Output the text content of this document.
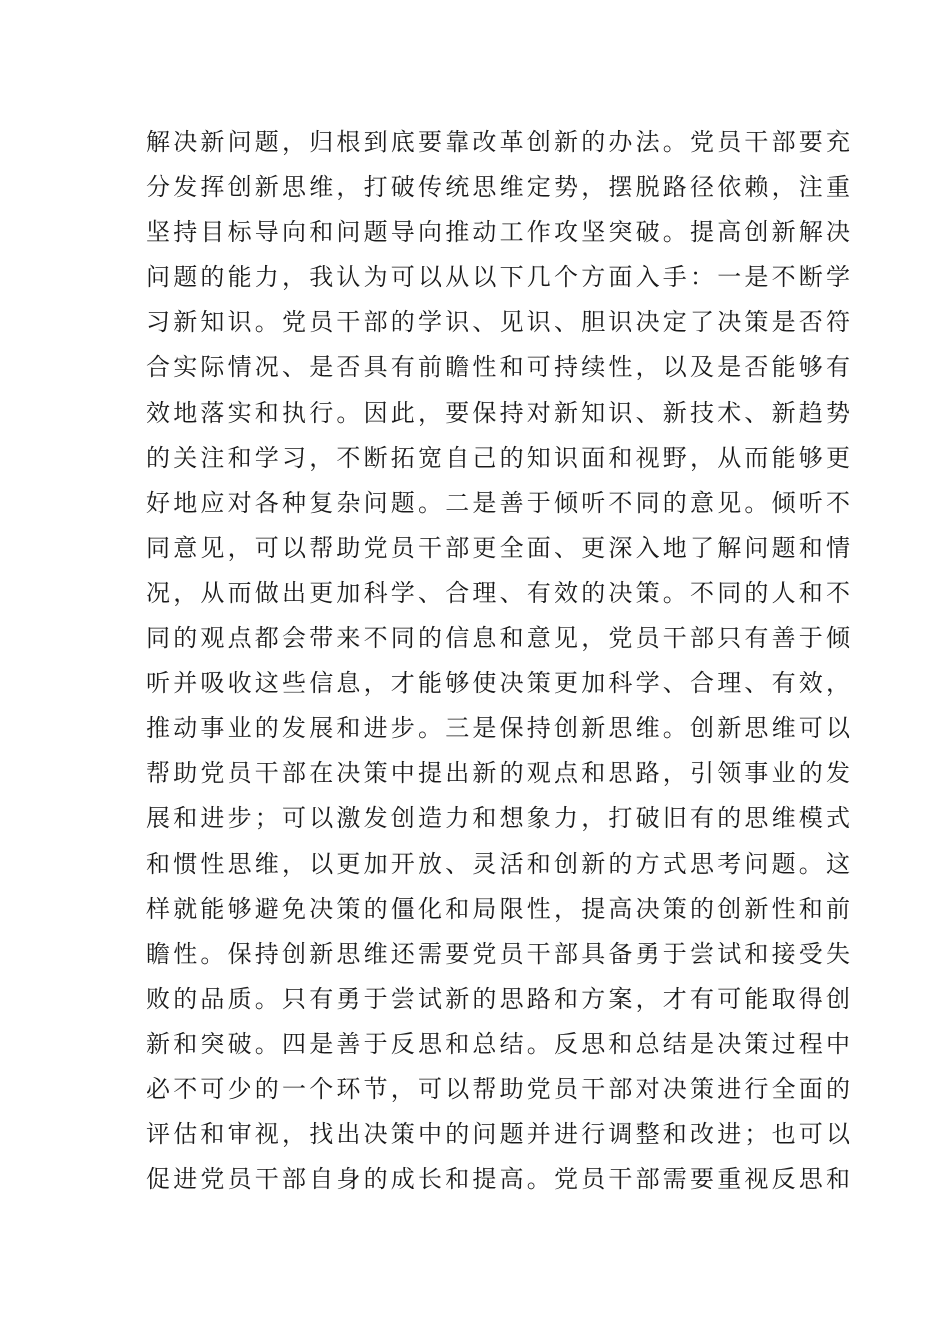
解决新问题，归根到底要靠改革创新的办法。党员干部要充
分发挥创新思维，打破传统思维定势，摆脱路径依赖，注重
坚持目标导向和问题导向推动工作攻坚突破。提高创新解决
问题的能力，我认为可以从以下几个方面入手：一是不断学
习新知识。党员干部的学识、见识、胆识决定了决策是否符
合实际情况、是否具有前瞻性和可持续性，以及是否能够有
效地落实和执行。因此，要保持对新知识、新技术、新趋势
的关注和学习，不断拓宽自己的知识面和视野，从而能够更
好地应对各种复杂问题。二是善于倾听不同的意见。倾听不
同意见，可以帮助党员干部更全面、更深入地了解问题和情
况，从而做出更加科学、合理、有效的决策。不同的人和不
同的观点都会带来不同的信息和意见，党员干部只有善于倾
听并吸收这些信息，才能够使决策更加科学、合理、有效，
推动事业的发展和进步。三是保持创新思维。创新思维可以
帮助党员干部在决策中提出新的观点和思路，引领事业的发
展和进步；可以激发创造力和想象力，打破旧有的思维模式
和惯性思维，以更加开放、灵活和创新的方式思考问题。这
样就能够避免决策的僵化和局限性，提高决策的创新性和前
瞻性。保持创新思维还需要党员干部具备勇于尝试和接受失
败的品质。只有勇于尝试新的思路和方案，才有可能取得创
新和突破。四是善于反思和总结。反思和总结是决策过程中
必不可少的一个环节，可以帮助党员干部对决策进行全面的
评估和审视，找出决策中的问题并进行调整和改进；也可以
促进党员干部自身的成长和提高。党员干部需要重视反思和
